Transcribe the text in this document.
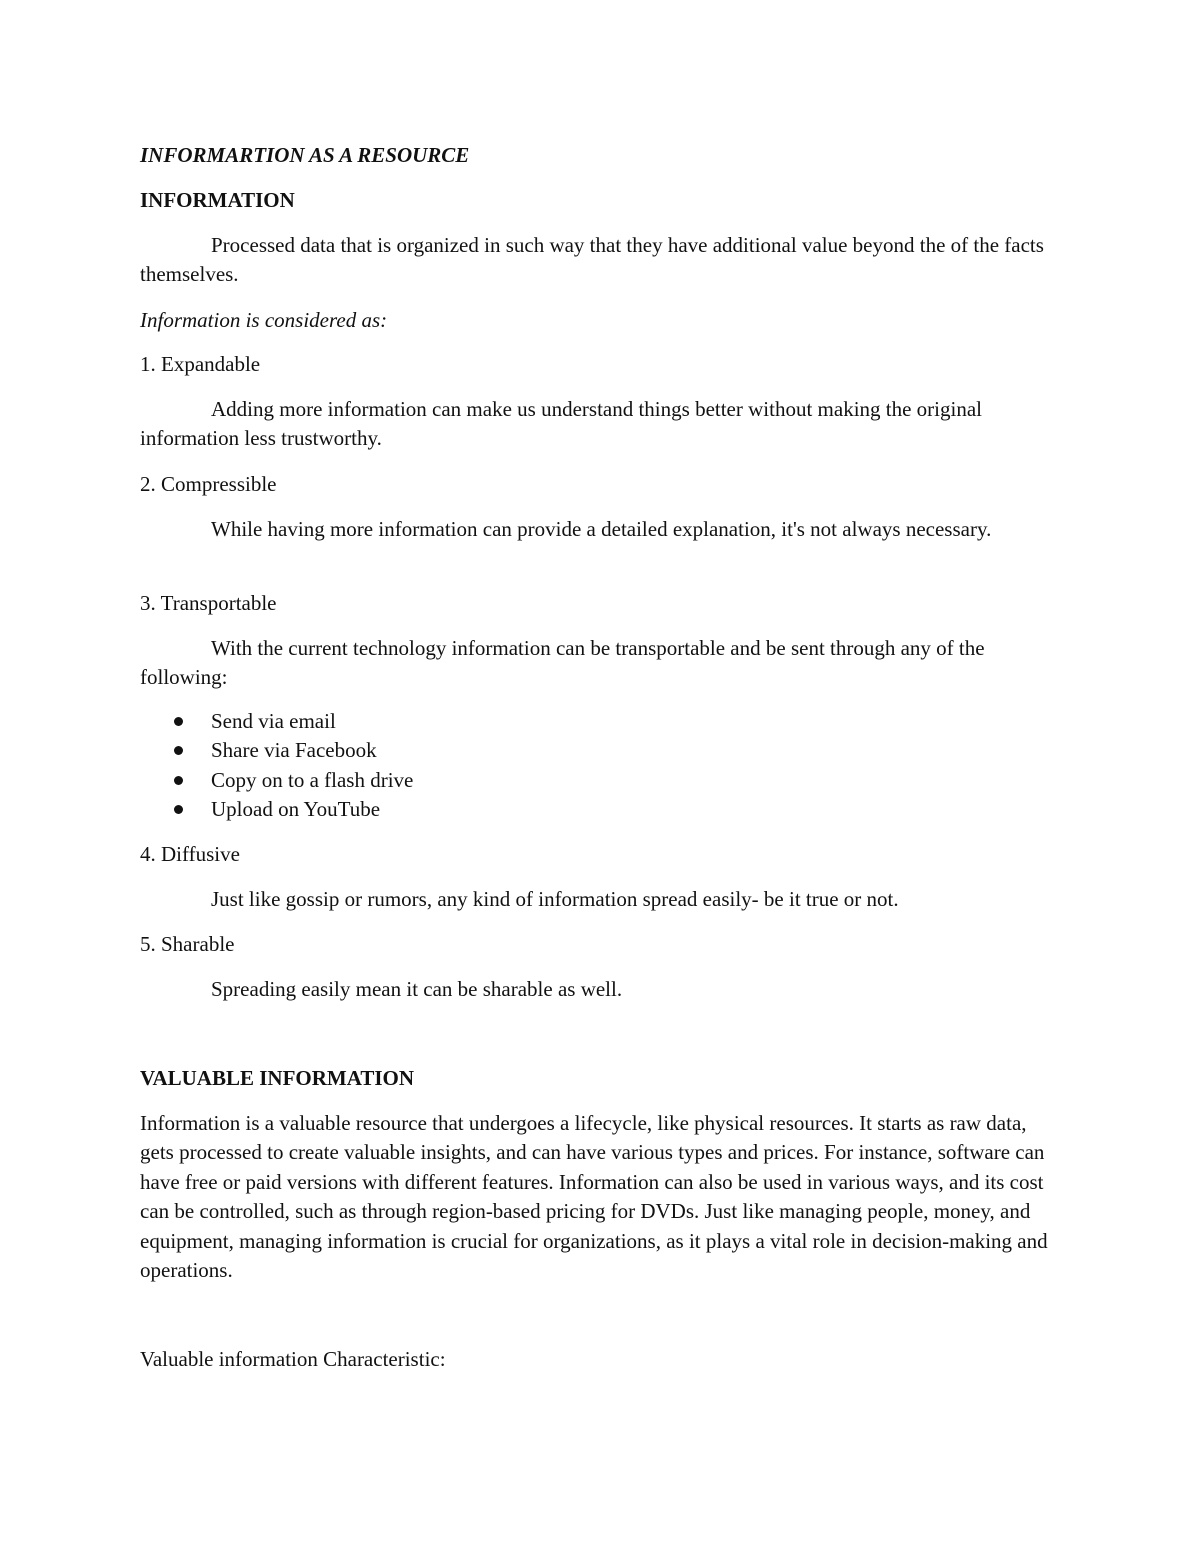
INFORMARTION AS A RESOURCE
INFORMATION
Processed data that is organized in such way that they have additional value beyond the of the facts themselves.
Information is considered as:
1. Expandable
Adding more information can make us understand things better without making the original information less trustworthy.
2. Compressible
While having more information can provide a detailed explanation, it's not always necessary.
3. Transportable
With the current technology information can be transportable and be sent through any of the following:
Send via email
Share via Facebook
Copy on to a flash drive
Upload on YouTube
4. Diffusive
Just like gossip or rumors, any kind of information spread easily- be it true or not.
5. Sharable
Spreading easily mean it can be sharable as well.
VALUABLE INFORMATION
Information is a valuable resource that undergoes a lifecycle, like physical resources. It starts as raw data, gets processed to create valuable insights, and can have various types and prices. For instance, software can have free or paid versions with different features. Information can also be used in various ways, and its cost can be controlled, such as through region-based pricing for DVDs. Just like managing people, money, and equipment, managing information is crucial for organizations, as it plays a vital role in decision-making and operations.
Valuable information Characteristic:
